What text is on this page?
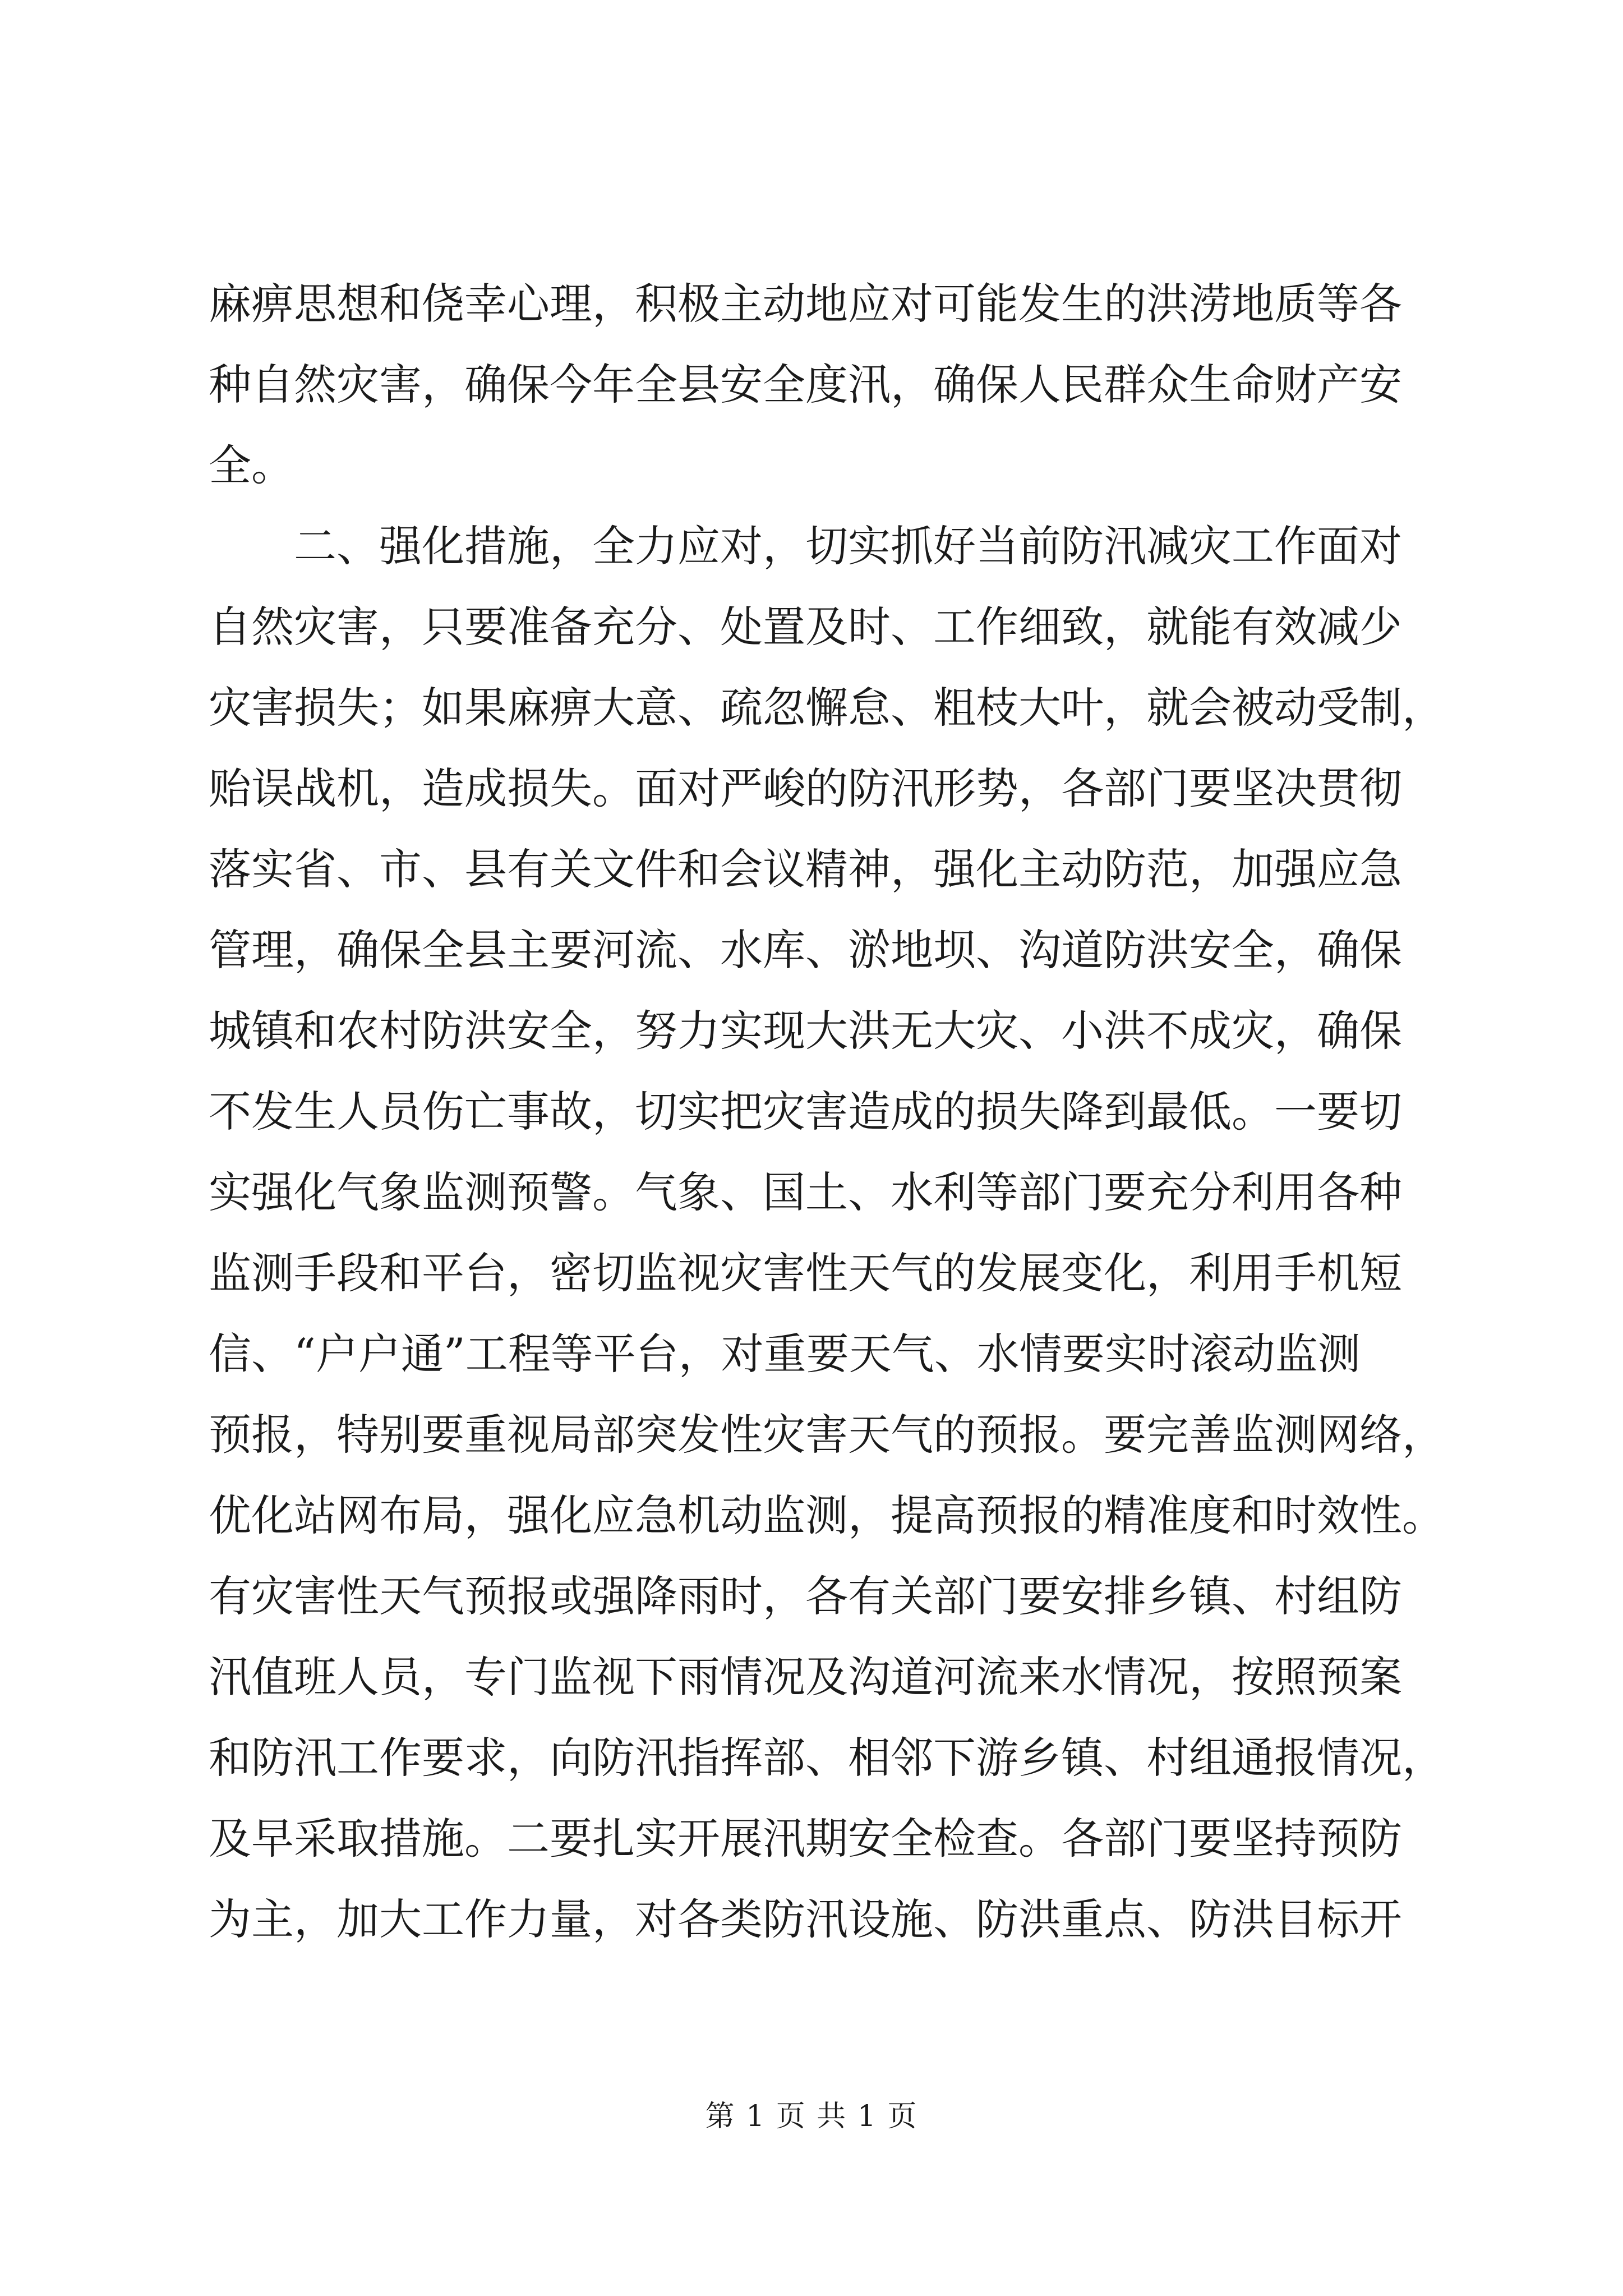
麻痹思想和侥幸心理，积极主动地应对可能发生的洪涝地质等各
种自然灾害，确保今年全县安全度汛，确保人民群众生命财产安
全。
二、强化措施，全力应对，切实抓好当前防汛减灾工作面对
自然灾害，只要准备充分、处置及时、工作细致，就能有效减少
灾害损失；如果麻痹大意、疏忽懈怠、粗枝大叶，就会被动受制，
贻误战机，造成损失。面对严峻的防汛形势，各部门要坚决贯彻
落实省、市、县有关文件和会议精神，强化主动防范，加强应急
管理，确保全县主要河流、水库、淤地坝、沟道防洪安全，确保
城镇和农村防洪安全，努力实现大洪无大灾、小洪不成灾，确保
不发生人员伤亡事故，切实把灾害造成的损失降到最低。一要切
实强化气象监测预警。气象、国土、水利等部门要充分利用各种
监测手段和平台，密切监视灾害性天气的发展变化，利用手机短
信、“户户通”工程等平台，对重要天气、水情要实时滚动监测
预报，特别要重视局部突发性灾害天气的预报。要完善监测网络，
优化站网布局，强化应急机动监测，提高预报的精准度和时效性。
有灾害性天气预报或强降雨时，各有关部门要安排乡镇、村组防
汛值班人员，专门监视下雨情况及沟道河流来水情况，按照预案
和防汛工作要求，向防汛指挥部、相邻下游乡镇、村组通报情况，
及早采取措施。二要扎实开展汛期安全检查。各部门要坚持预防
为主，加大工作力量，对各类防汛设施、防洪重点、防洪目标开
第 1 页 共 1 页
